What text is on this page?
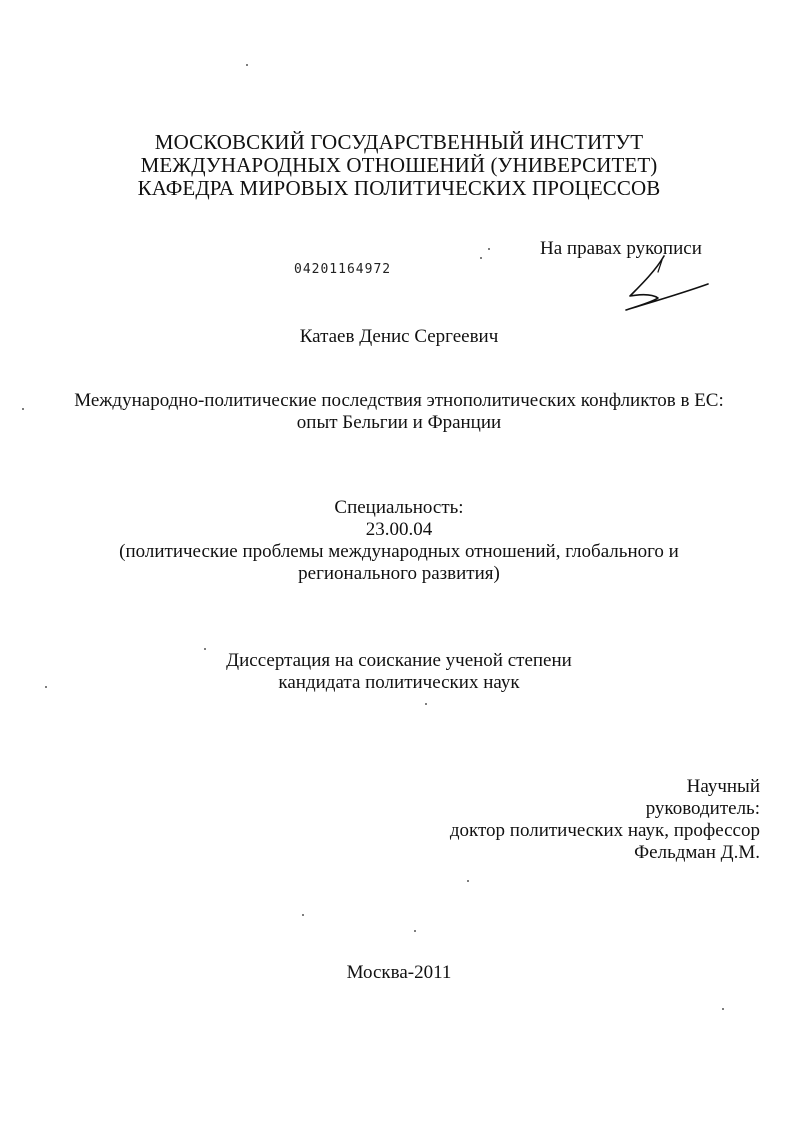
МОСКОВСКИЙ ГОСУДАРСТВЕННЫЙ ИНСТИТУТ
МЕЖДУНАРОДНЫХ ОТНОШЕНИЙ (УНИВЕРСИТЕТ)
КАФЕДРА МИРОВЫХ ПОЛИТИЧЕСКИХ ПРОЦЕССОВ
На правах рукописи
04201164972
Катаев Денис Сергеевич
Международно-политические последствия этнополитических конфликтов в ЕС:
опыт Бельгии и Франции
Специальность:
23.00.04
(политические проблемы международных отношений, глобального и
регионального развития)
Диссертация на соискание ученой степени
кандидата политических наук
Научный
руководитель:
доктор политических наук, профессор
Фельдман Д.М.
Москва-2011
